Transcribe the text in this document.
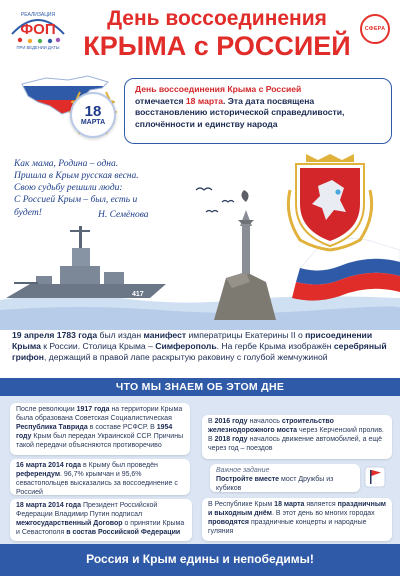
РЕАЛИЗАЦИЯ
ФОП
ПРИ ВЕДЕНИИ ДАТЫ
День воссоединения
КРЫМА с РОССИЕЙ
СФЕРА
18
МАРТА
День воссоединения Крыма с Россией
отмечается 18 марта. Эта дата посвящена восстановлению исторической справедливости, сплочённости и единству народа
417
Как мама, Родина – одна.
Пришла в Крым русская весна.
Свою судьбу решили люди:
С Россией Крым – был, есть и будет!	Н. Семёнова
19 апреля 1783 года был издан манифест императрицы Екатерины II о присоединении Крыма к России. Столица Крыма – Симферополь. На гербе Крыма изображён серебряный грифон, держащий в правой лапе раскрытую раковину с голубой жемчужиной
ЧТО МЫ ЗНАЕМ ОБ ЭТОМ ДНЕ
После революции 1917 года на территории Крыма была образована Советская Социалистическая Республика Таврида в составе РСФСР. В 1954 году Крым был передан Украинской ССР. Причины такой передачи объясняются противоречиво
16 марта 2014 года в Крыму был проведён референдум. 96,7% крымчан и 95,6% севастопольцев высказались за воссоединение с Россией
18 марта 2014 года Президент Российской Федерации Владимир Путин подписал межгосударственный Договор о принятии Крыма и Севастополя в состав Российской Федерации
В 2016 году началось строительство железнодорожного моста через Керченский пролив. В 2018 году началось движение автомобилей, а ещё через год – поездов
Важное задание
Постройте вместе мост Дружбы из кубиков
В Республике Крым 18 марта является праздничным и выходным днём. В этот день во многих городах проводятся праздничные концерты и народные гуляния
Россия и Крым едины и непобедимы!
